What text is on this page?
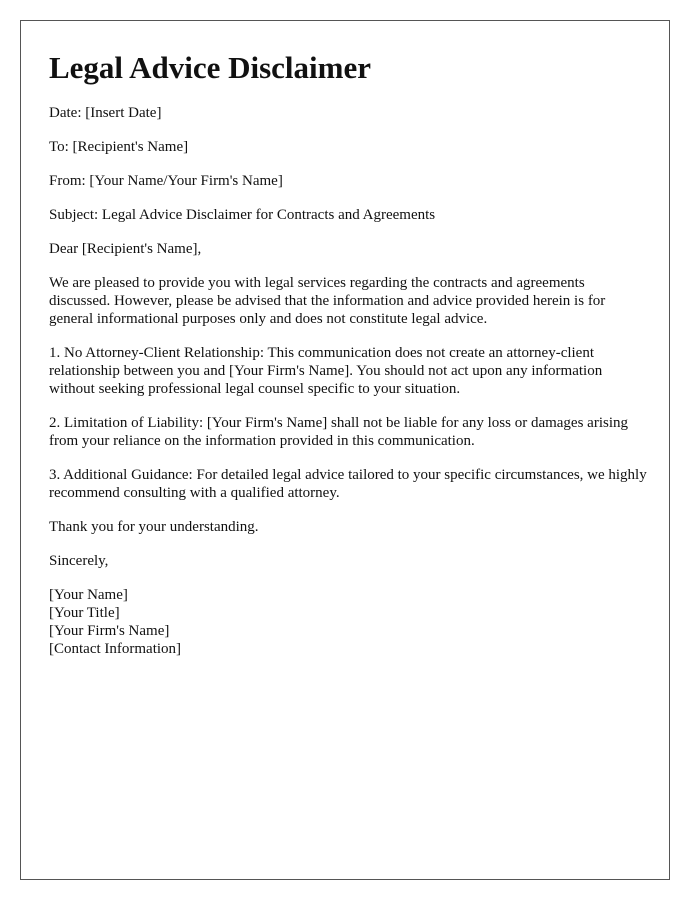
Legal Advice Disclaimer

Date: [Insert Date]

To: [Recipient's Name]

From: [Your Name/Your Firm's Name]

Subject: Legal Advice Disclaimer for Contracts and Agreements

Dear [Recipient's Name],

We are pleased to provide you with legal services regarding the contracts and agreements discussed. However, please be advised that the information and advice provided herein is for general informational purposes only and does not constitute legal advice.

1. No Attorney-Client Relationship: This communication does not create an attorney-client relationship between you and [Your Firm's Name]. You should not act upon any information without seeking professional legal counsel specific to your situation.

2. Limitation of Liability: [Your Firm's Name] shall not be liable for any loss or damages arising from your reliance on the information provided in this communication.

3. Additional Guidance: For detailed legal advice tailored to your specific circumstances, we highly recommend consulting with a qualified attorney.

Thank you for your understanding.

Sincerely,

[Your Name]
[Your Title]
[Your Firm's Name]
[Contact Information]
